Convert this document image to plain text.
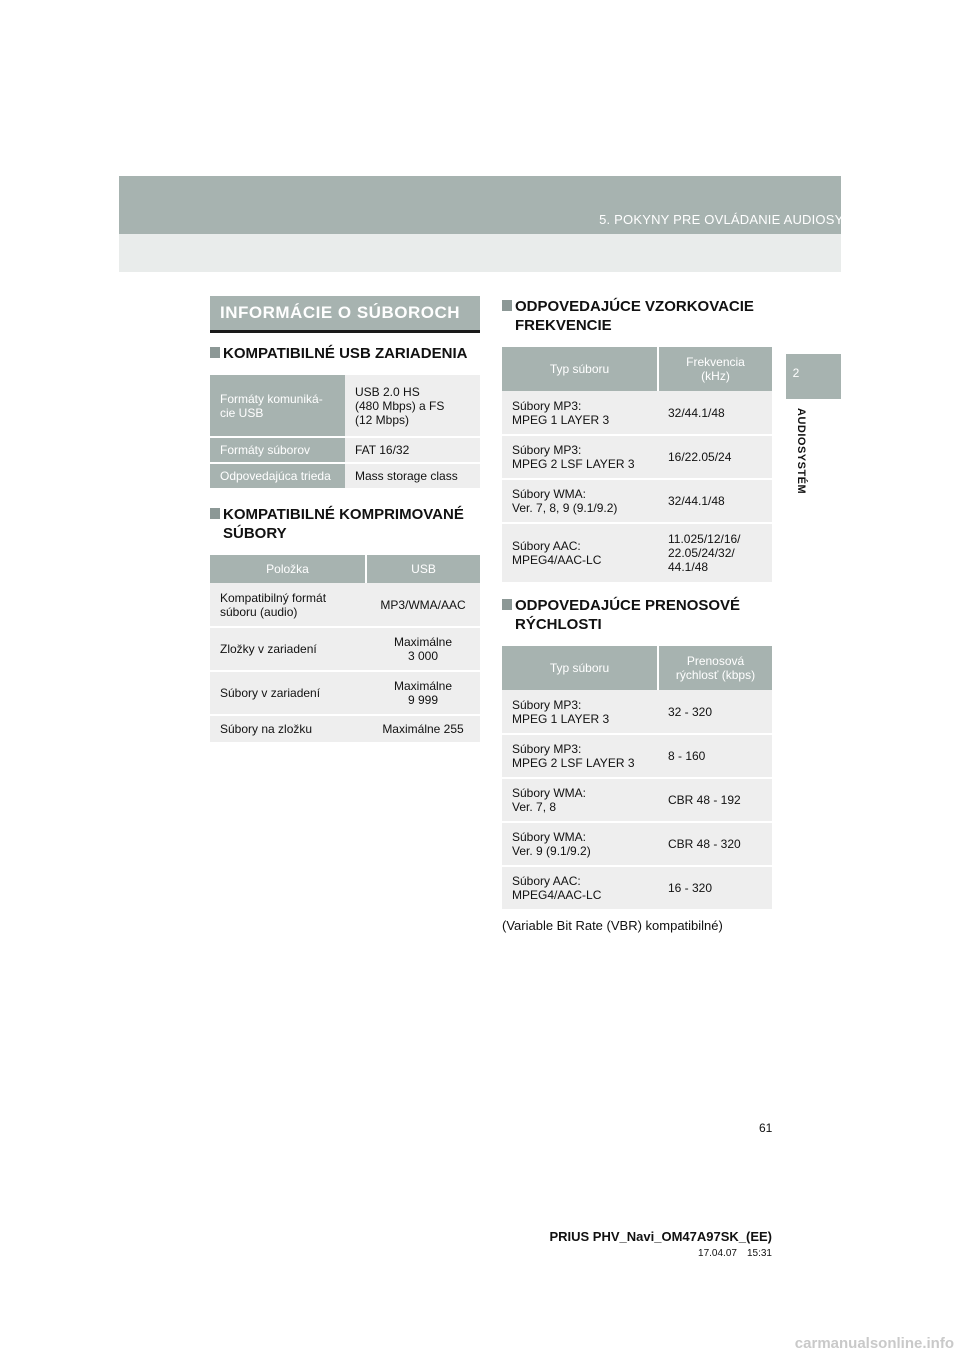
5. POKYNY PRE OVLÁDANIE AUDIOSYSTÉMU
2
AUDIOSYSTÉM
INFORMÁCIE O SÚBOROCH
KOMPATIBILNÉ USB ZARIADENIA
Formáty komuniká-
cie USB	USB 2.0 HS
(480 Mbps) a FS
(12 Mbps)
Formáty súborov	FAT 16/32
Odpovedajúca trieda	Mass storage class
KOMPATIBILNÉ KOMPRIMOVANÉ
SÚBORY
Položka	USB
Kompatibilný formát
súboru (audio)	MP3/WMA/AAC
Zložky v zariadení	Maximálne
3 000
Súbory v zariadení	Maximálne
9 999
Súbory na zložku	Maximálne 255
ODPOVEDAJÚCE VZORKOVACIE
FREKVENCIE
Typ súboru	Frekvencia
(kHz)
Súbory MP3:
MPEG 1 LAYER 3	32/44.1/48
Súbory MP3:
MPEG 2 LSF LAYER 3	16/22.05/24
Súbory WMA:
Ver. 7, 8, 9 (9.1/9.2)	32/44.1/48
Súbory AAC:
MPEG4/AAC-LC	11.025/12/16/
22.05/24/32/
44.1/48
ODPOVEDAJÚCE PRENOSOVÉ
RÝCHLOSTI
Typ súboru	Prenosová
rýchlosť (kbps)
Súbory MP3:
MPEG 1 LAYER 3	32 - 320
Súbory MP3:
MPEG 2 LSF LAYER 3	8 - 160
Súbory WMA:
Ver. 7, 8	CBR 48 - 192
Súbory WMA:
Ver. 9 (9.1/9.2)	CBR 48 - 320
Súbory AAC:
MPEG4/AAC-LC	16 - 320
(Variable Bit Rate (VBR) kompatibilné)
61
PRIUS PHV_Navi_OM47A97SK_(EE)
17.04.07 15:31
carmanualsonline.info
